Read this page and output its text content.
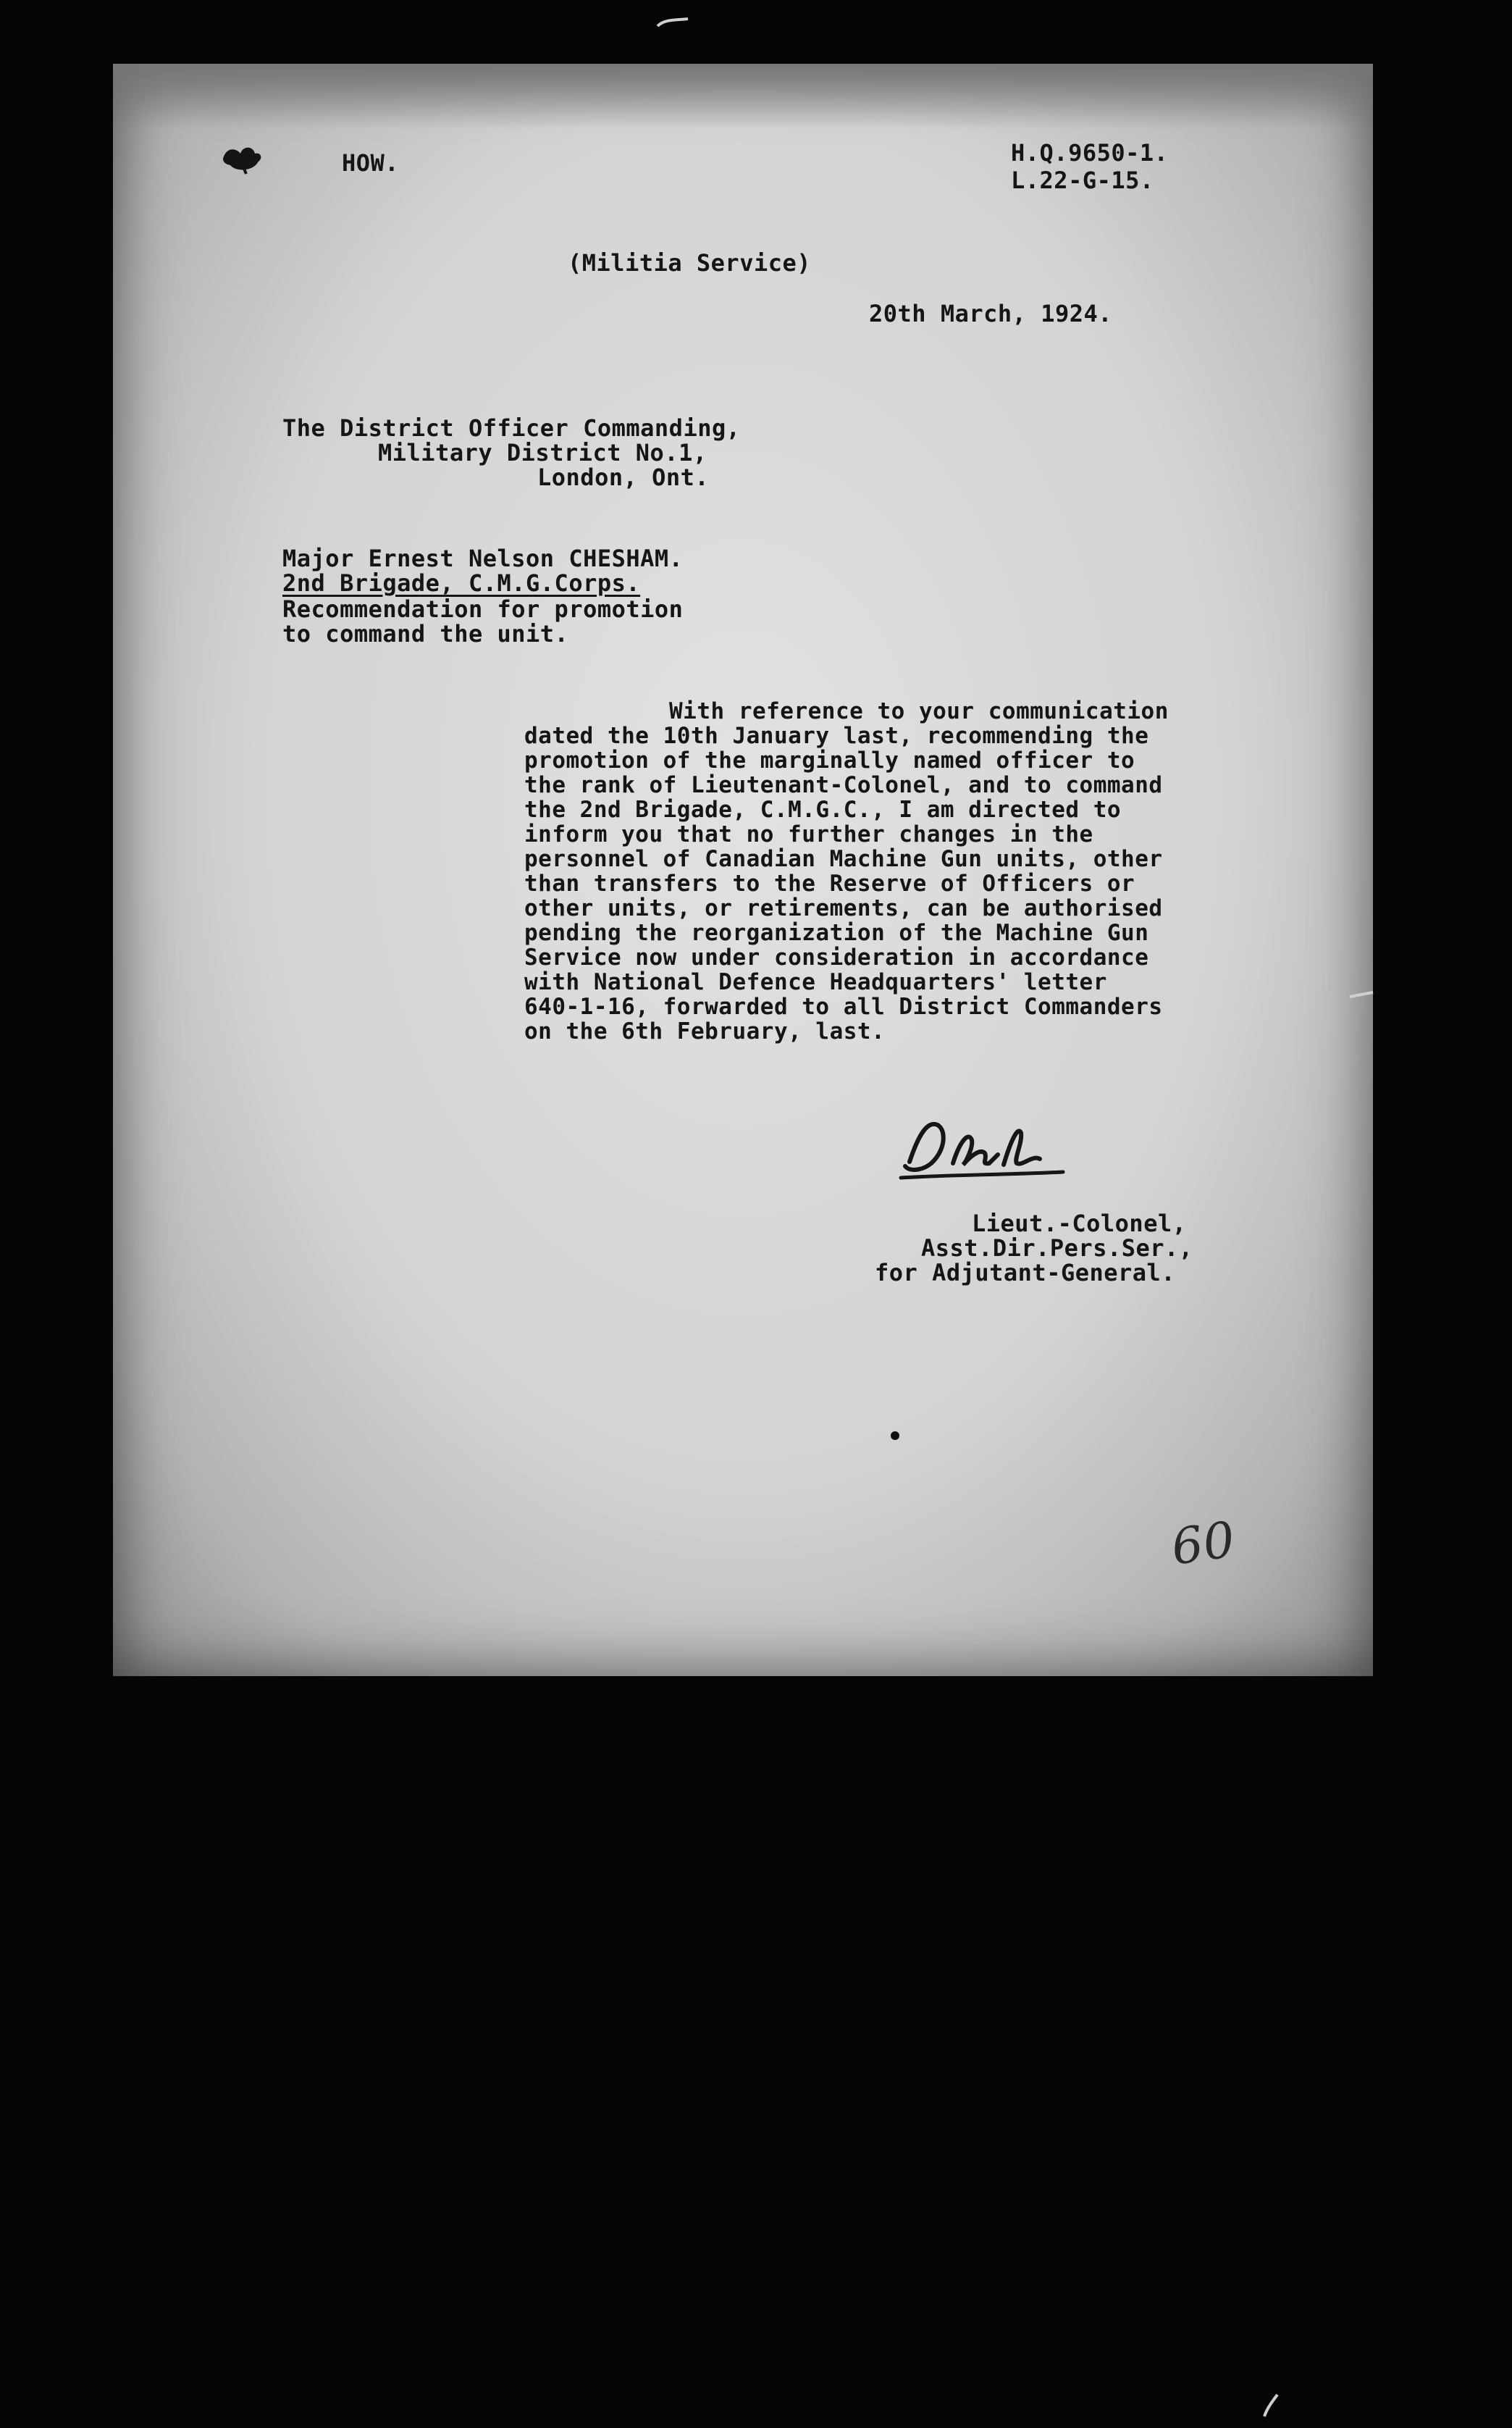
HOW.	H.Q.9650-1.
L.22-G-15.
(Militia Service)
20th March, 1924.
The District Officer Commanding,
Military District No.1,
London, Ont.
Major Ernest Nelson CHESHAM.
2nd Brigade, C.M.G.Corps.
Recommendation for promotion
to command the unit.
With reference to your communication
dated the 10th January last, recommending the
promotion of the marginally named officer to
the rank of Lieutenant-Colonel, and to command
the 2nd Brigade, C.M.G.C., I am directed to
inform you that no further changes in the
personnel of Canadian Machine Gun units, other
than transfers to the Reserve of Officers or
other units, or retirements, can be authorised
pending the reorganization of the Machine Gun
Service now under consideration in accordance
with National Defence Headquarters' letter
640-1-16, forwarded to all District Commanders
on the 6th February, last.
Lieut.-Colonel,
Asst.Dir.Pers.Ser.,
for Adjutant-General.
60
